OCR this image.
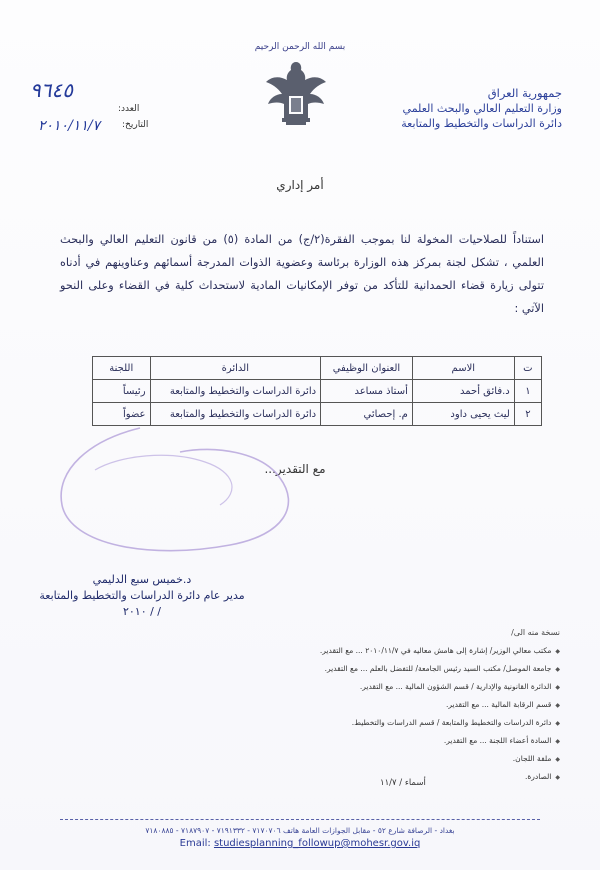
بسم الله الرحمن الرحيم
جمهورية العراق
وزارة التعليم العالي والبحث العلمي
دائرة الدراسات والتخطيط والمتابعة
٩٦٤٥
العدد:
٢٠١٠/١١/٧ التاريخ:
أمر إداري
استناداً للصلاحيات المخولة لنا بموجب الفقرة(٢/ج) من المادة (٥) من قانون التعليم العالي والبحث العلمي ، تشكل لجنة بمركز هذه الوزارة برئاسة وعضوية الذوات المدرجة أسمائهم وعناوينهم في أدناه تتولى زيارة قضاء الحمدانية للتأكد من توفر الإمكانيات المادية لاستحداث كلية في القضاء وعلى النحو الآتي :
ت	الاسم	العنوان الوظيفي	الدائرة	اللجنة
١	د.فائق أحمد	أستاذ مساعد	دائرة الدراسات والتخطيط والمتابعة	رئيساً
٢	ليث يحيى داود	م. إحصائي	دائرة الدراسات والتخطيط والمتابعة	عضواً
مع التقدير...
د.خميس سبع الدليمي
مدير عام دائرة الدراسات والتخطيط والمتابعة
/ / ٢٠١٠
نسخة منه الى/
◆ مكتب معالي الوزير/ إشارة إلى هامش معاليه في ٢٠١٠/١١/٧ ... مع التقدير.
◆ جامعة الموصل/ مكتب السيد رئيس الجامعة/ للتفضل بالعلم ... مع التقدير.
◆ الدائرة القانونية والإدارية / قسم الشؤون المالية ... مع التقدير.
◆ قسم الرقابة المالية ... مع التقدير.
◆ دائرة الدراسات والتخطيط والمتابعة / قسم الدراسات والتخطيط.
◆ السادة أعضاء اللجنة ... مع التقدير.
◆ ملفة اللجان.
◆ الصادرة.
أسماء / ١١/٧
بغداد - الرصافة شارع ٥٢ - مقابل الجوازات العامة هاتف ٧١٧٠٧٠٦ - ٧١٩١٣٣٢ - ٧١٨٧٩٠٧ - ٧١٨٠٨٨٥
Email: studiesplanning_followup@mohesr.gov.iq
